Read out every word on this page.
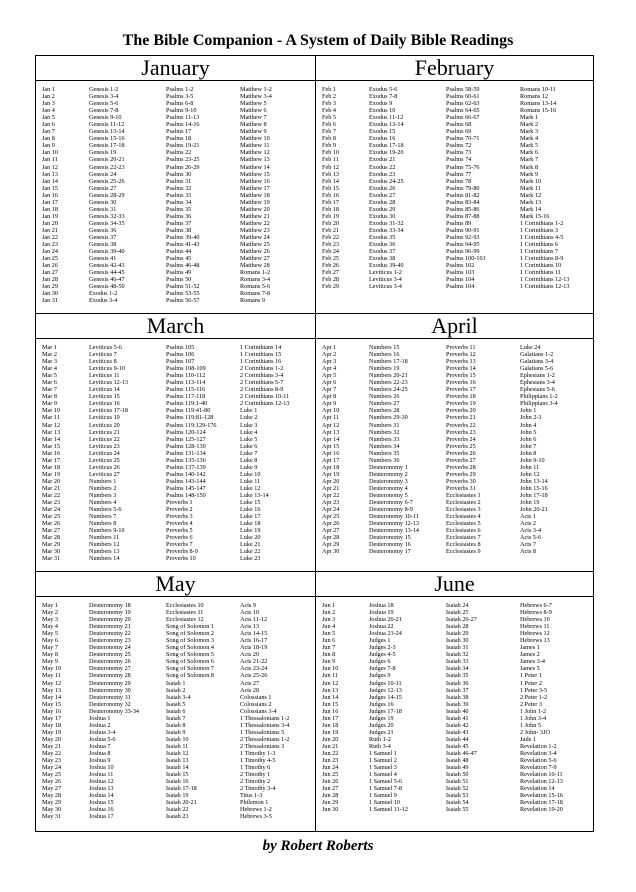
The Bible Companion - A System of Daily Bible Readings
January
Jan 1	Genesis 1-2	Psalms 1-2	Matthew 1-2
Jan 2	Genesis 3-4	Psalms 3-5	Matthew 3-4
Jan 3	Genesis 5-6	Psalms 6-8	Matthew 5
Jan 4	Genesis 7-8	Psalms 9-10	Matthew 6
Jan 5	Genesis 9-10	Psalms 11-13	Matthew 7
Jan 6	Genesis 11-12	Psalms 14-16	Matthew 8
Jan 7	Genesis 13-14	Psalms 17	Matthew 9
Jan 8	Genesis 15-16	Psalms 18	Matthew 10
Jan 9	Genesis 17-18	Psalms 19-21	Matthew 11
Jan 10	Genesis 19	Psalms 22	Matthew 12
Jan 11	Genesis 20-21	Psalms 23-25	Matthew 13
Jan 12	Genesis 22-23	Psalms 26-29	Matthew 14
Jan 13	Genesis 24	Psalms 30	Matthew 15
Jan 14	Genesis 25-26	Psalms 31	Matthew 16
Jan 15	Genesis 27	Psalms 32	Matthew 17
Jan 16	Genesis 28-29	Psalms 33	Matthew 18
Jan 17	Genesis 30	Psalms 34	Matthew 19
Jan 18	Genesis 31	Psalms 35	Matthew 20
Jan 19	Genesis 32-33	Psalms 36	Matthew 21
Jan 20	Genesis 34-35	Psalms 37	Matthew 22
Jan 21	Genesis 36	Psalms 38	Matthew 23
Jan 22	Genesis 37	Psalms 39-40	Matthew 24
Jan 23	Genesis 38	Psalms 41-43	Matthew 25
Jan 24	Genesis 39-40	Psalms 44	Matthew 26
Jan 25	Genesis 41	Psalms 45	Matthew 27
Jan 26	Genesis 42-43	Psalms 46-48	Matthew 28
Jan 27	Genesis 44-45	Psalms 49	Romans 1-2
Jan 28	Genesis 46-47	Psalms 50	Romans 3-4
Jan 29	Genesis 48-50	Psalms 51-52	Romans 5-6
Jan 30	Exodus 1-2	Psalms 53-55	Romans 7-8
Jan 31	Exodus 3-4	Psalms 56-57	Romans 9
February
Feb 1	Exodus 5-6	Psalms 58-59	Romans 10-11
Feb 2	Exodus 7-8	Psalms 60-61	Romans 12
Feb 3	Exodus 9	Psalms 62-63	Romans 13-14
Feb 4	Exodus 10	Psalms 64-65	Romans 15-16
Feb 5	Exodus 11-12	Psalms 66-67	Mark 1
Feb 6	Exodus 13-14	Psalms 68	Mark 2
Feb 7	Exodus 15	Psalms 69	Mark 3
Feb 8	Exodus 16	Psalms 70-71	Mark 4
Feb 9	Exodus 17-18	Psalms 72	Mark 5
Feb 10	Exodus 19-20	Psalms 73	Mark 6
Feb 11	Exodus 21	Psalms 74	Mark 7
Feb 12	Exodus 22	Psalms 75-76	Mark 8
Feb 13	Exodus 23	Psalms 77	Mark 9
Feb 14	Exodus 24-25	Psalms 78	Mark 10
Feb 15	Exodus 26	Psalms 79-80	Mark 11
Feb 16	Exodus 27	Psalms 81-82	Mark 12
Feb 17	Exodus 28	Psalms 83-84	Mark 13
Feb 18	Exodus 29	Psalms 85-86	Mark 14
Feb 19	Exodus 30	Psalms 87-88	Mark 15-16
Feb 20	Exodus 31-32	Psalms 89	1 Corinthians 1-2
Feb 21	Exodus 33-34	Psalms 90-91	1 Corinthians 3
Feb 22	Exodus 35	Psalms 92-93	1 Corinthians 4-5
Feb 23	Exodus 36	Psalms 94-95	1 Corinthians 6
Feb 24	Exodus 37	Psalms 96-99	1 Corinthians 7
Feb 25	Exodus 38	Psalms 100-101	1 Corinthians 8-9
Feb 26	Exodus 39-40	Psalms 102	1 Corinthians 10
Feb 27	Leviticus 1-2	Psalms 103	1 Corinthians 11
Feb 28	Leviticus 3-4	Psalms 104	1 Corinthians 12-13
Feb 29	Leviticus 3-4	Psalms 104	1 Corinthians 12-13
March
Mar 1	Leviticus 5-6	Psalms 105	1 Corinthians 14
Mar 2	Leviticus 7	Psalms 106	1 Corinthians 15
Mar 3	Leviticus 8	Psalms 107	1 Corinthians 16
Mar 4	Leviticus 9-10	Psalms 108-109	2 Corinthians 1-2
Mar 5	Leviticus 11	Psalms 110-112	2 Corinthians 3-4
Mar 6	Leviticus 12-13	Psalms 113-114	2 Corinthians 5-7
Mar 7	Leviticus 14	Psalms 115-116	2 Corinthians 8-9
Mar 8	Leviticus 15	Psalms 117-118	2 Corinthians 10-11
Mar 9	Leviticus 16	Psalms 119:1-40	2 Corinthians 12-13
Mar 10	Leviticus 17-18	Psalms 119:41-80	Luke 1
Mar 11	Leviticus 19	Psalms 119:81-128	Luke 2
Mar 12	Leviticus 20	Psalms 119:129-176	Luke 3
Mar 13	Leviticus 21	Psalms 120-124	Luke 4
Mar 14	Leviticus 22	Psalms 125-127	Luke 5
Mar 15	Leviticus 23	Psalms 128-130	Luke 6
Mar 16	Leviticus 24	Psalms 131-134	Luke 7
Mar 17	Leviticus 25	Psalms 135-136	Luke 8
Mar 18	Leviticus 26	Psalms 137-139	Luke 9
Mar 19	Leviticus 27	Psalms 140-142	Luke 10
Mar 20	Numbers 1	Psalms 143-144	Luke 11
Mar 21	Numbers 2	Psalms 145-147	Luke 12
Mar 22	Numbers 3	Psalms 148-150	Luke 13-14
Mar 23	Numbers 4	Proverbs 1	Luke 15
Mar 24	Numbers 5-6	Proverbs 2	Luke 16
Mar 25	Numbers 7	Proverbs 3	Luke 17
Mar 26	Numbers 8	Proverbs 4	Luke 18
Mar 27	Numbers 9-10	Proverbs 5	Luke 19
Mar 28	Numbers 11	Proverbs 6	Luke 20
Mar 29	Numbers 12	Proverbs 7	Luke 21
Mar 30	Numbers 13	Proverbs 8-9	Luke 22
Mar 31	Numbers 14	Proverbs 10	Luke 23
April
Apr 1	Numbers 15	Proverbs 11	Luke 24
Apr 2	Numbers 16	Proverbs 12	Galatians 1-2
Apr 3	Numbers 17-18	Proverbs 13	Galatians 3-4
Apr 4	Numbers 19	Proverbs 14	Galatians 5-6
Apr 5	Numbers 20-21	Proverbs 15	Ephesians 1-2
Apr 6	Numbers 22-23	Proverbs 16	Ephesians 3-4
Apr 7	Numbers 24-25	Proverbs 17	Ephesians 5-6
Apr 8	Numbers 26	Proverbs 18	Philippians 1-2
Apr 9	Numbers 27	Proverbs 19	Philippians 3-4
Apr 10	Numbers 28	Proverbs 20	John 1
Apr 11	Numbers 29-30	Proverbs 21	John 2-3
Apr 12	Numbers 31	Proverbs 22	John 4
Apr 13	Numbers 32	Proverbs 23	John 5
Apr 14	Numbers 33	Proverbs 24	John 6
Apr 15	Numbers 34	Proverbs 25	John 7
Apr 16	Numbers 35	Proverbs 26	John 8
Apr 17	Numbers 36	Proverbs 27	John 9-10
Apr 18	Deuteronomy 1	Proverbs 28	John 11
Apr 19	Deuteronomy 2	Proverbs 29	John 12
Apr 20	Deuteronomy 3	Proverbs 30	John 13-14
Apr 21	Deuteronomy 4	Proverbs 31	John 15-16
Apr 22	Deuteronomy 5	Ecclesiastes 1	John 17-18
Apr 23	Deuteronomy 6-7	Ecclesiastes 2	John 19
Apr 24	Deuteronomy 8-9	Ecclesiastes 3	John 20-21
Apr 25	Deuteronomy 10-11	Ecclesiastes 4	Acts 1
Apr 26	Deuteronomy 12-13	Ecclesiastes 5	Acts 2
Apr 27	Deuteronomy 13-14	Ecclesiastes 6	Acts 3-4
Apr 28	Deuteronomy 15	Ecclesiastes 7	Acts 5-6
Apr 29	Deuteronomy 16	Ecclesiastes 8	Acts 7
Apr 30	Deuteronomy 17	Ecclesiastes 9	Acts 8
May
May 1	Deuteronomy 18	Ecclesiastes 10	Acts 9
May 2	Deuteronomy 19	Ecclesiastes 11	Acts 10
May 3	Deuteronomy 20	Ecclesiastes 12	Acts 11-12
May 4	Deuteronomy 21	Song of Solomon 1	Acts 13
May 5	Deuteronomy 22	Song of Solomon 2	Acts 14-15
May 6	Deuteronomy 23	Song of Solomon 3	Acts 16-17
May 7	Deuteronomy 24	Song of Solomon 4	Acts 18-19
May 8	Deuteronomy 25	Song of Solomon 5	Acts 20
May 9	Deuteronomy 26	Song of Solomon 6	Acts 21-22
May 10	Deuteronomy 27	Song of Solomon 7	Acts 23-24
May 11	Deuteronomy 28	Song of Solomon 8	Acts 25-26
May 12	Deuteronomy 29	Isaiah 1	Acts 27
May 13	Deuteronomy 30	Isaiah 2	Acts 28
May 14	Deuteronomy 31	Isaiah 3-4	Colossians 1
May 15	Deuteronomy 32	Isaiah 5	Colossians 2
May 16	Deuteronomy 33-34	Isaiah 6	Colossians 3-4
May 17	Joshua 1	Isaiah 7	1 Thessalonians 1-2
May 18	Joshua 2	Isaiah 8	1 Thessalonians 3-4
May 19	Joshua 3-4	Isaiah 9	1 Thessalonians 5
May 20	Joshua 5-6	Isaiah 10	2 Thessalonians 1-2
May 21	Joshua 7	Isaiah 11	2 Thessalonians 3
May 22	Joshua 8	Isaiah 12	1 Timothy 1-3
May 23	Joshua 9	Isaiah 13	1 Timothy 4-5
May 24	Joshua 10	Isaiah 14	1 Timothy 6
May 25	Joshua 11	Isaiah 15	2 Timothy 1
May 26	Joshua 12	Isaiah 16	2 Timothy 2
May 27	Joshua 13	Isaiah 17-18	2 Timothy 3-4
May 28	Joshua 14	Isaiah 19	Titus 1-3
May 29	Joshua 15	Isaiah 20-21	Philemon 1
May 30	Joshua 16	Isaiah 22	Hebrews 1-2
May 31	Joshua 17	Isaiah 23	Hebrews 3-5
June
Jun 1	Joshua 18	Isaiah 24	Hebrews 6-7
Jun 2	Joshua 19	Isaiah 25	Hebrews 8-9
Jun 3	Joshua 20-21	Isaiah 26-27	Hebrews 10
Jun 4	Joshua 22	Isaiah 28	Hebrews 11
Jun 5	Joshua 23-24	Isaiah 29	Hebrews 12
Jun 6	Judges 1	Isaiah 30	Hebrews 13
Jun 7	Judges 2-3	Isaiah 31	James 1
Jun 8	Judges 4-5	Isaiah 32	James 2
Jun 9	Judges 6	Isaiah 33	James 3-4
Jun 10	Judges 7-8	Isaiah 34	James 5
Jun 11	Judges 9	Isaiah 35	1 Peter 1
Jun 12	Judges 10-11	Isaiah 36	1 Peter 2
Jun 13	Judges 12-13	Isaiah 37	1 Peter 3-5
Jun 14	Judges 14-15	Isaiah 38	2 Peter 1-2
Jun 15	Judges 16	Isaiah 39	2 Peter 3
Jun 16	Judges 17-18	Isaiah 40	1 John 1-2
Jun 17	Judges 19	Isaiah 41	1 John 3-4
Jun 18	Judges 20	Isaiah 42	1 John 5
Jun 19	Judges 21	Isaiah 43	2 John- 3JO
Jun 20	Ruth 1-2	Isaiah 44	Jude 1
Jun 21	Ruth 3-4	Isaiah 45	Revelation 1-2
Jun 22	1 Samuel 1	Isaiah 46-47	Revelation 3-4
Jun 23	1 Samuel 2	Isaiah 48	Revelation 5-6
Jun 24	1 Samuel 3	Isaiah 49	Revelation 7-9
Jun 25	1 Samuel 4	Isaiah 50	Revelation 10-11
Jun 26	1 Samuel 5-6	Isaiah 51	Revelation 12-13
Jun 27	1 Samuel 7-8	Isaiah 52	Revelation 14
Jun 28	1 Samuel 9	Isaiah 53	Revelation 15-16
Jun 29	1 Samuel 10	Isaiah 54	Revelation 17-18
Jun 30	1 Samuel 11-12	Isaiah 55	Revelation 19-20
by Robert Roberts
